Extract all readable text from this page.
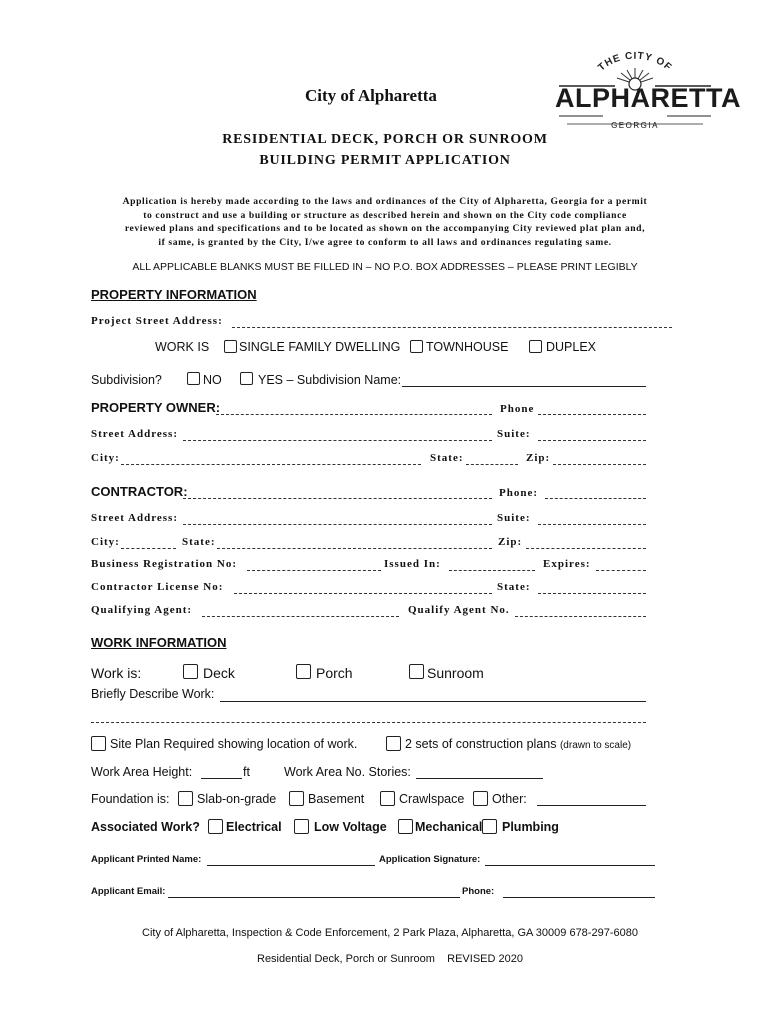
City of Alpharetta
THE CITY OF
ALPHARETTA
GEORGIA
RESIDENTIAL DECK, PORCH OR SUNROOM
BUILDING PERMIT APPLICATION
Application is hereby made according to the laws and ordinances of the City of Alpharetta, Georgia for a permit
to construct and use a building or structure as described herein and shown on the City code compliance
reviewed plans and specifications and to be located as shown on the accompanying City reviewed plat plan and,
if same, is granted by the City, I/we agree to conform to all laws and ordinances regulating same.
ALL APPLICABLE BLANKS MUST BE FILLED IN – NO P.O. BOX ADDRESSES – PLEASE PRINT LEGIBLY
PROPERTY INFORMATION
Project Street Address:
WORK IS SINGLE FAMILY DWELLING TOWNHOUSE	DUPLEX
Subdivision?	NO	YES – Subdivision Name:
PROPERTY OWNER:	Phone
Street Address:	Suite:
City:	State:	Zip:
CONTRACTOR:	Phone:
Street Address:	Suite:
City:	State:	Zip:
Business Registration No:	Issued In:	Expires:
Contractor License No:	State:
Qualifying Agent:	Qualify Agent No.
WORK INFORMATION
Work is:	Deck	Porch	Sunroom
Briefly Describe Work:
Site Plan Required showing location of work.	2 sets of construction plans (drawn to scale)
Work Area Height:	ft	Work Area No. Stories:
Foundation is: Slab-on-grade	Basement	Crawlspace Other:
Associated Work? Electrical	Low Voltage Mechanical Plumbing
Applicant Printed Name:	Application Signature:
Applicant Email:	Phone:
City of Alpharetta, Inspection & Code Enforcement, 2 Park Plaza, Alpharetta, GA 30009 678-297-6080
Residential Deck, Porch or Sunroom REVISED 2020
